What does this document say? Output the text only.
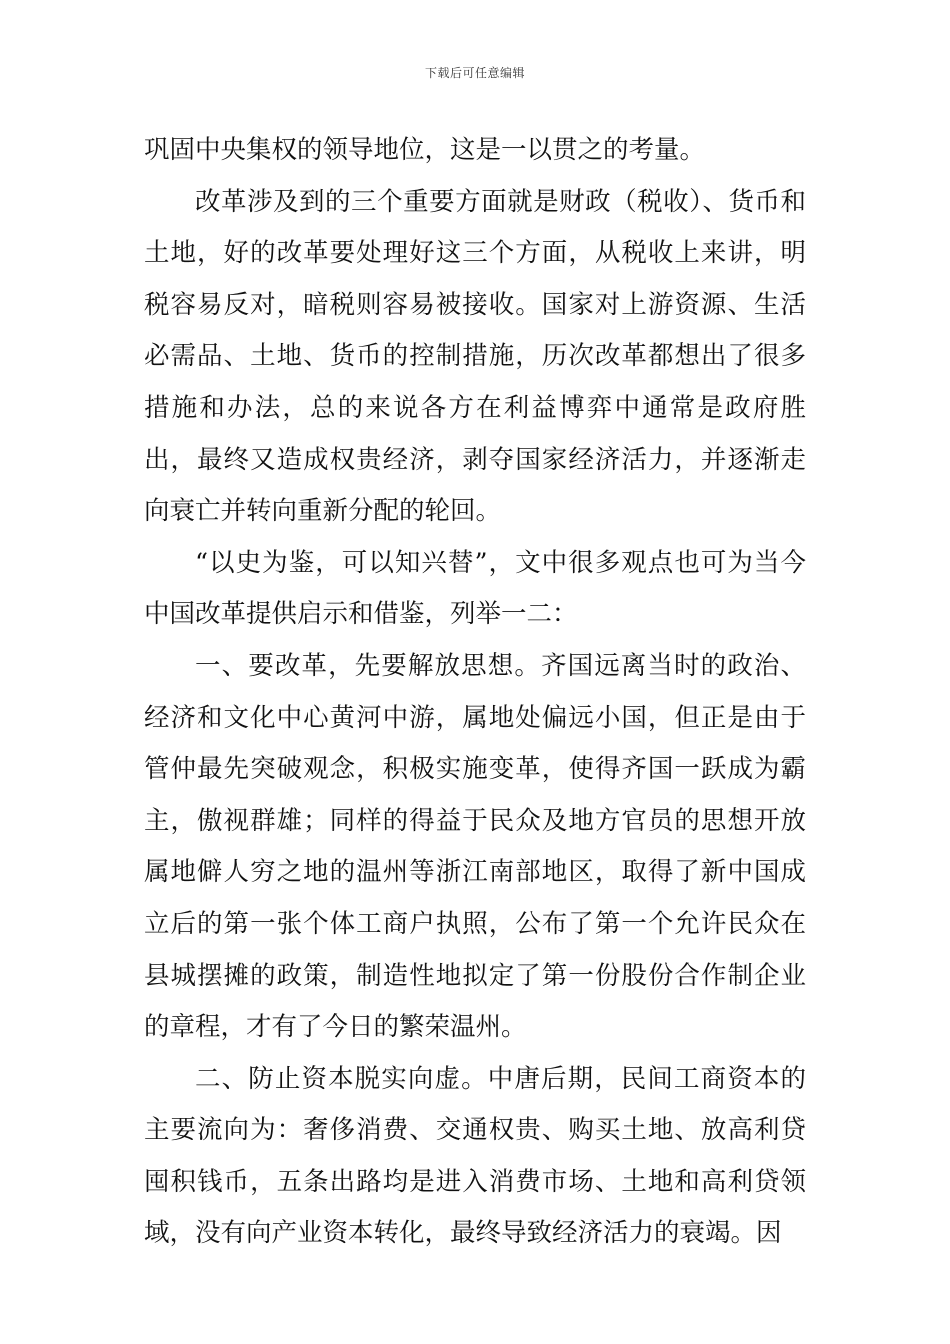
下载后可任意编辑

巩固中央集权的领导地位，这是一以贯之的考量。

改革涉及到的三个重要方面就是财政（税收）、货币和土地，好的改革要处理好这三个方面，从税收上来讲，明税容易反对，暗税则容易被接收。国家对上游资源、生活必需品、土地、货币的控制措施，历次改革都想出了很多措施和办法，总的来说各方在利益博弈中通常是政府胜出，最终又造成权贵经济，剥夺国家经济活力，并逐渐走向衰亡并转向重新分配的轮回。

“以史为鉴，可以知兴替”，文中很多观点也可为当今中国改革提供启示和借鉴，列举一二：

一、要改革，先要解放思想。齐国远离当时的政治、经济和文化中心黄河中游，属地处偏远小国，但正是由于管仲最先突破观念，积极实施变革，使得齐国一跃成为霸主，傲视群雄；同样的得益于民众及地方官员的思想开放属地僻人穷之地的温州等浙江南部地区，取得了新中国成立后的第一张个体工商户执照，公布了第一个允许民众在县城摆摊的政策，制造性地拟定了第一份股份合作制企业的章程，才有了今日的繁荣温州。

二、防止资本脱实向虚。中唐后期，民间工商资本的主要流向为：奢侈消费、交通权贵、购买土地、放高利贷囤积钱币，五条出路均是进入消费市场、土地和高利贷领域，没有向产业资本转化，最终导致经济活力的衰竭。因
